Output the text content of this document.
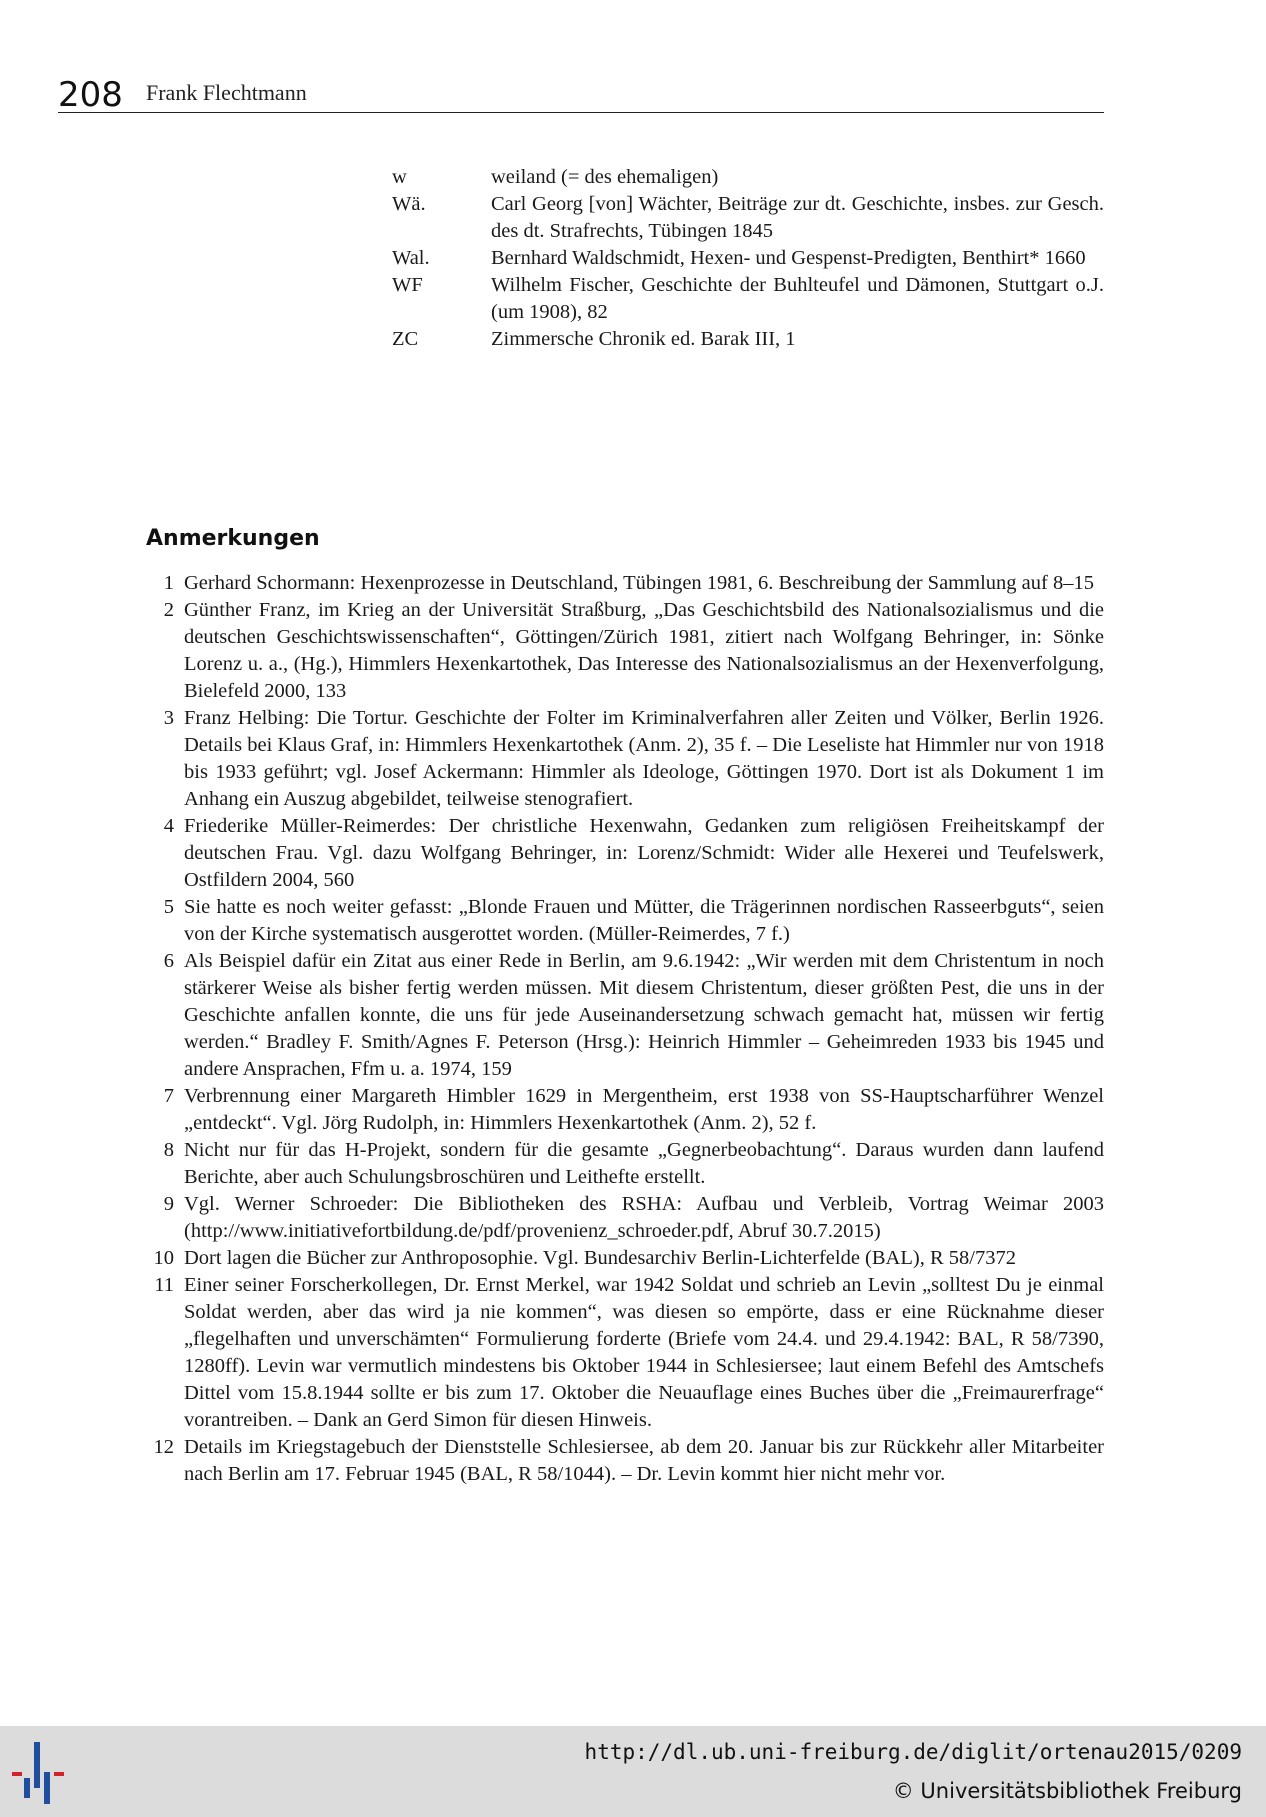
208 Frank Flechtmann
w	weiland (= des ehemaligen)
Wä.	Carl Georg [von] Wächter, Beiträge zur dt. Geschichte, insbes. zur Gesch. des dt. Strafrechts, Tübingen 1845
Wal.	Bernhard Waldschmidt, Hexen- und Gespenst-Predigten, Benthirt* 1660
WF	Wilhelm Fischer, Geschichte der Buhlteufel und Dämonen, Stuttgart o.J. (um 1908), 82
ZC	Zimmersche Chronik ed. Barak III, 1
Anmerkungen
1 Gerhard Schormann: Hexenprozesse in Deutschland, Tübingen 1981, 6. Beschreibung der Sammlung auf 8–15
2 Günther Franz, im Krieg an der Universität Straßburg, „Das Geschichtsbild des Nationalsozialismus und die deutschen Geschichtswissenschaften“, Göttingen/Zürich 1981, zitiert nach Wolfgang Behringer, in: Sönke Lorenz u. a., (Hg.), Himmlers Hexenkartothek, Das Interesse des Nationalsozialismus an der Hexenverfolgung, Bielefeld 2000, 133
3 Franz Helbing: Die Tortur. Geschichte der Folter im Kriminalverfahren aller Zeiten und Völker, Berlin 1926. Details bei Klaus Graf, in: Himmlers Hexenkartothek (Anm. 2), 35 f. – Die Leseliste hat Himmler nur von 1918 bis 1933 geführt; vgl. Josef Ackermann: Himmler als Ideologe, Göttingen 1970. Dort ist als Dokument 1 im Anhang ein Auszug abgebildet, teilweise stenografiert.
4 Friederike Müller-Reimerdes: Der christliche Hexenwahn, Gedanken zum religiösen Freiheitskampf der deutschen Frau. Vgl. dazu Wolfgang Behringer, in: Lorenz/Schmidt: Wider alle Hexerei und Teufelswerk, Ostfildern 2004, 560
5 Sie hatte es noch weiter gefasst: „Blonde Frauen und Mütter, die Trägerinnen nordischen Rasseerbguts“, seien von der Kirche systematisch ausgerottet worden. (Müller-Reimerdes, 7 f.)
6 Als Beispiel dafür ein Zitat aus einer Rede in Berlin, am 9.6.1942: „Wir werden mit dem Christentum in noch stärkerer Weise als bisher fertig werden müssen. Mit diesem Christentum, dieser größten Pest, die uns in der Geschichte anfallen konnte, die uns für jede Auseinandersetzung schwach gemacht hat, müssen wir fertig werden.“ Bradley F. Smith/Agnes F. Peterson (Hrsg.): Heinrich Himmler – Geheimreden 1933 bis 1945 und andere Ansprachen, Ffm u. a. 1974, 159
7 Verbrennung einer Margareth Himbler 1629 in Mergentheim, erst 1938 von SS-Hauptscharführer Wenzel „entdeckt“. Vgl. Jörg Rudolph, in: Himmlers Hexenkartothek (Anm. 2), 52 f.
8 Nicht nur für das H-Projekt, sondern für die gesamte „Gegnerbeobachtung“. Daraus wurden dann laufend Berichte, aber auch Schulungsbroschüren und Leithefte erstellt.
9 Vgl. Werner Schroeder: Die Bibliotheken des RSHA: Aufbau und Verbleib, Vortrag Weimar 2003 (http://www.initiativefortbildung.de/pdf/provenienz_schroeder.pdf, Abruf 30.7.2015)
10 Dort lagen die Bücher zur Anthroposophie. Vgl. Bundesarchiv Berlin-Lichterfelde (BAL), R 58/7372
11 Einer seiner Forscherkollegen, Dr. Ernst Merkel, war 1942 Soldat und schrieb an Levin „solltest Du je einmal Soldat werden, aber das wird ja nie kommen“, was diesen so empörte, dass er eine Rücknahme dieser „flegelhaften und unverschämten“ Formulierung forderte (Briefe vom 24.4. und 29.4.1942: BAL, R 58/7390, 1280ff). Levin war vermutlich mindestens bis Oktober 1944 in Schlesiersee; laut einem Befehl des Amtschefs Dittel vom 15.8.1944 sollte er bis zum 17. Oktober die Neuauflage eines Buches über die „Freimaurerfrage“ vorantreiben. – Dank an Gerd Simon für diesen Hinweis.
12 Details im Kriegstagebuch der Dienststelle Schlesiersee, ab dem 20. Januar bis zur Rückkehr aller Mitarbeiter nach Berlin am 17. Februar 1945 (BAL, R 58/1044). – Dr. Levin kommt hier nicht mehr vor.
http://dl.ub.uni-freiburg.de/diglit/ortenau2015/0209
© Universitätsbibliothek Freiburg
